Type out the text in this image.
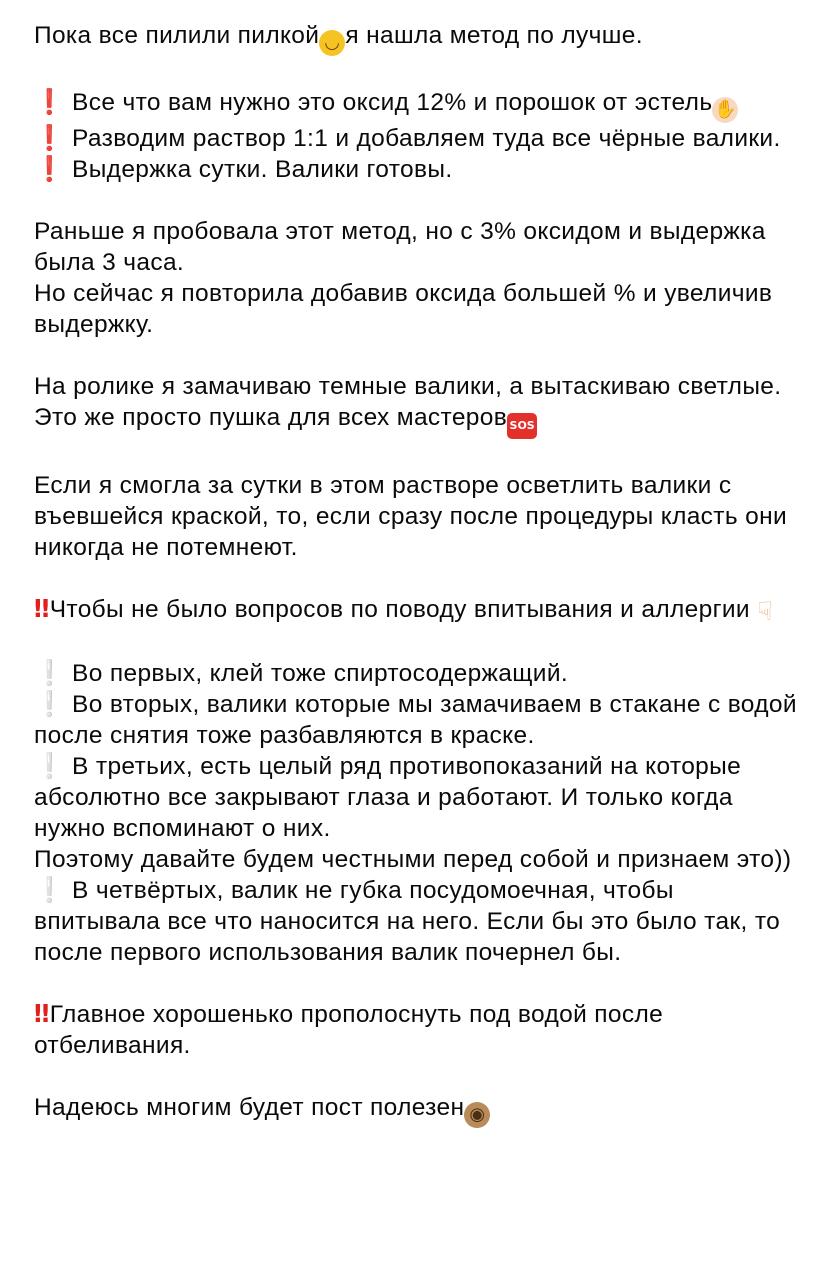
Пока все пилили пилкой ◡ я нашла метод по лучше.

❗ Все что вам нужно это оксид 12% и порошок от эстель✋

❗ Разводим раствор 1:1 и добавляем туда все чёрные валики.

❗ Выдержка сутки. Валики готовы.

Раньше я пробовала этот метод, но с 3% оксидом и выдержка была 3 часа.

Но сейчас я повторила добавив оксида большей % и увеличив выдержку.

На ролике я замачиваю темные валики, а вытаскиваю светлые.

Это же просто пушка для всех мастеров SOS

Если я смогла за сутки в этом растворе осветлить валики с въевшейся краской, то, если сразу после процедуры класть они никогда не потемнеют.

‼Чтобы не было вопросов по поводу впитывания и аллергии ☟

❕ Во первых, клей тоже спиртосодержащий.

❕ Во вторых, валики которые мы замачиваем в стакане с водой после снятия тоже разбавляются в краске.

❕ В третьих, есть целый ряд противопоказаний на которые абсолютно все закрывают глаза и работают. И только когда нужно вспоминают о них.

Поэтому давайте будем честными перед собой и признаем это))

❕ В четвёртых, валик не губка посудомоечная, чтобы впитывала все что наносится на него. Если бы это было так, то после первого использования валик почернел бы.

‼Главное хорошенько прополоснуть под водой после отбеливания.

Надеюсь многим будет пост полезен ◉
